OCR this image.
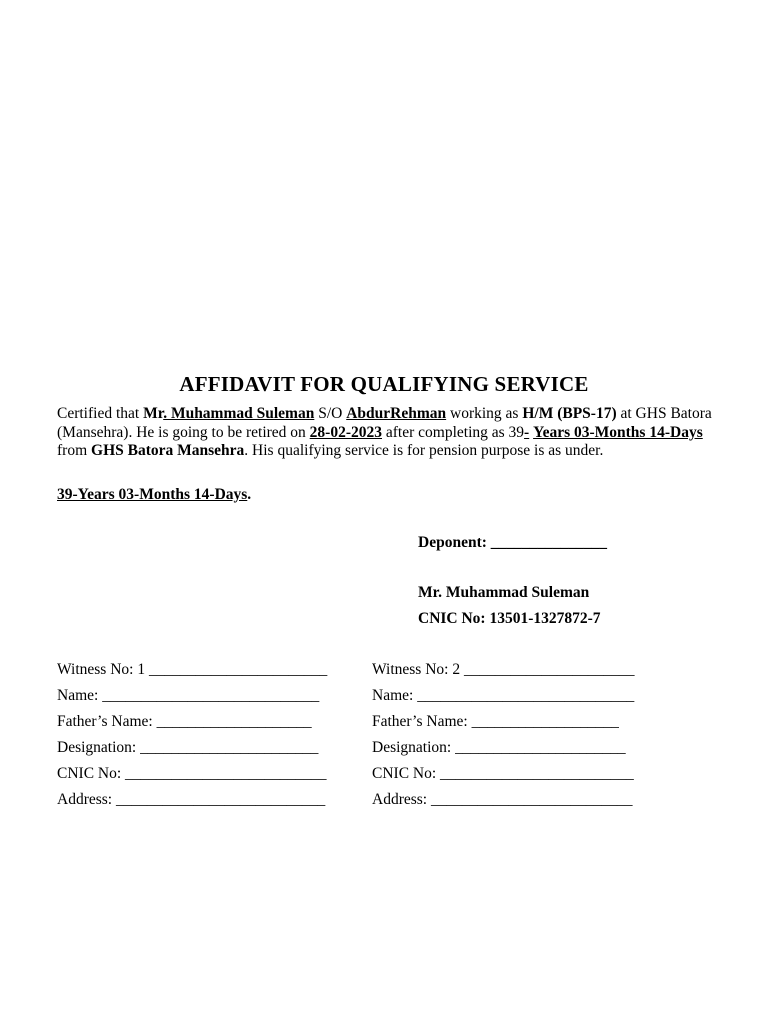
AFFIDAVIT FOR QUALIFYING SERVICE
Certified that Mr. Muhammad Suleman S/O AbdurRehman working as H/M (BPS-17) at GHS Batora (Mansehra). He is going to be retired on 28-02-2023 after completing as 39- Years 03-Months 14-Days from GHS Batora Mansehra. His qualifying service is for pension purpose is as under.
39-Years 03-Months 14-Days.
Deponent: _______________
Mr. Muhammad Suleman
CNIC No: 13501-1327872-7
Witness No: 1 _______________________
Name: ____________________________
Father’s Name: ____________________
Designation: _______________________
CNIC No: __________________________
Address: ___________________________
Witness No: 2 ______________________
Name: ____________________________
Father’s Name: ___________________
Designation: ______________________
CNIC No: _________________________
Address: __________________________
